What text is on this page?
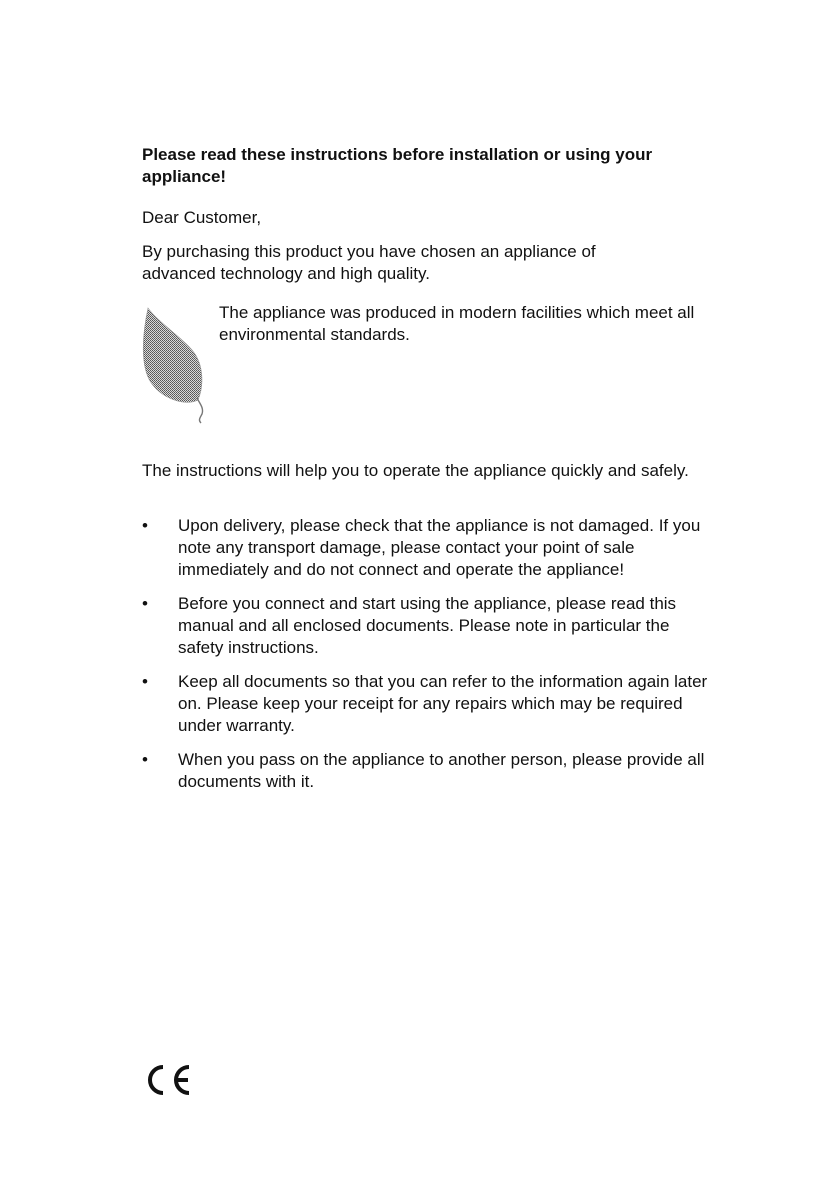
Please read these instructions before installation or using your appliance!

Dear Customer,

By purchasing this product you have chosen an appliance of advanced technology and high quality.

The appliance was produced in modern facilities which meet all environmental standards.

The instructions will help you to operate the appliance quickly and safely.

•	Upon delivery, please check that the appliance is not damaged. If you note any transport damage, please contact your point of sale immediately and do not connect and operate the appliance!
•	Before you connect and start using the appliance, please read this manual and all enclosed documents. Please note in particular the safety instructions.
•	Keep all documents so that you can refer to the information again later on. Please keep your receipt for any repairs which may be required under warranty.
•	When you pass on the appliance to another person, please provide all documents with it.
